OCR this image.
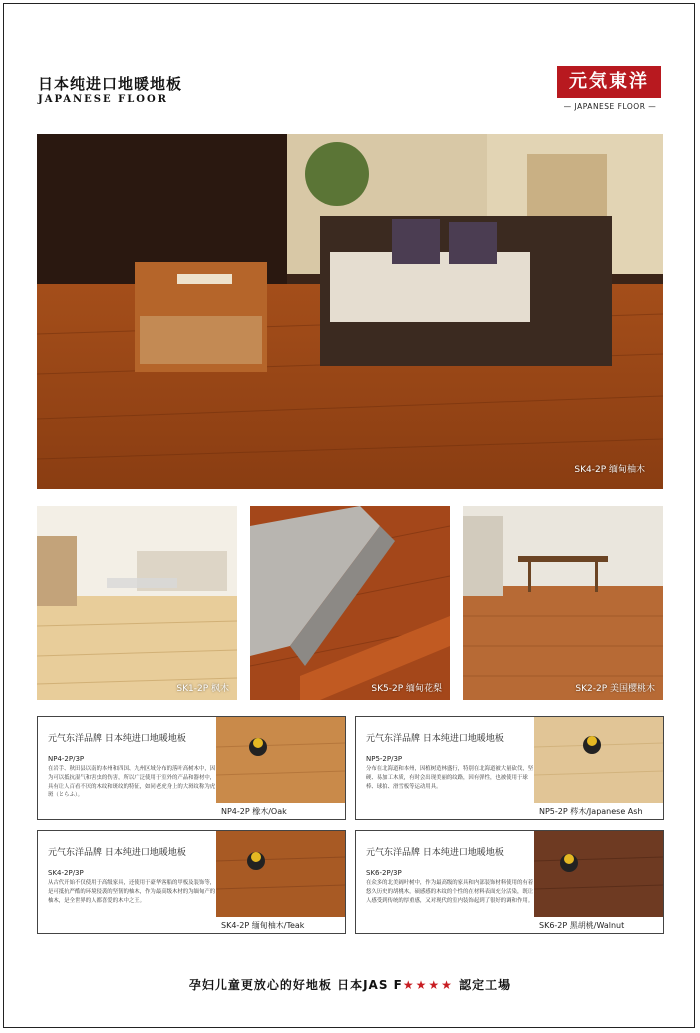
日本纯进口地暖地板
JAPANESE FLOOR
元気東洋
— JAPANESE FLOOR —
SK4-2P 缅甸柚木
SK1-2P 枫木	SK5-2P 缅甸花梨	SK2-2P 美国樱桃木
元气东洋品牌 日本纯进口地暖地板
NP4-2P/3P
在岩手、秋田县以南的本州和四国、九州区域分布的落叶高树木中，因为可以抵抗湿气和害虫的伤害，所以广泛使用于室外的产品和器材中，具有让人百看不厌的木纹和斑纹的特征，如同老虎身上的大斑纹称为虎斑（とらふ）。
NP4-2P 橡木/Oak
元气东洋品牌 日本纯进口地暖地板
NP5-2P/3P
分布在北海道和本州，因植树造林盛行，特别在北海道被大量砍伐，坚硬、易加工木质，有时会出现美丽的纹路，因有弹性，也被使用于球棒、球拍、滑雪板等运动用具。
NP5-2P 梣木/Japanese Ash
元气东洋品牌 日本纯进口地暖地板
SK4-2P/3P
从古代开始不仅使用于高级家具，还使用于豪华客船的甲板及装饰等，是可抵抗严酷的环境侵袭的坚韧的柚木，作为最高级木材的为缅甸产的柚木，是全世界的人都喜爱的木中之王。
SK4-2P 缅甸柚木/Teak
元气东洋品牌 日本纯进口地暖地板
SK6-2P/3P
在众多的北美阔叶树中，作为最高级的家具和内部装饰材料使用的有着悠久历史的胡桃木，硕感感的木纹的个性的在材料表面充分活染，既让人感受到传统的厚重感，又对现代的室内装饰起到了很好的调和作用。
SK6-2P 黑胡桃/Walnut
孕妇儿童更放心的好地板 日本JAS F★★★★ 認定工場
